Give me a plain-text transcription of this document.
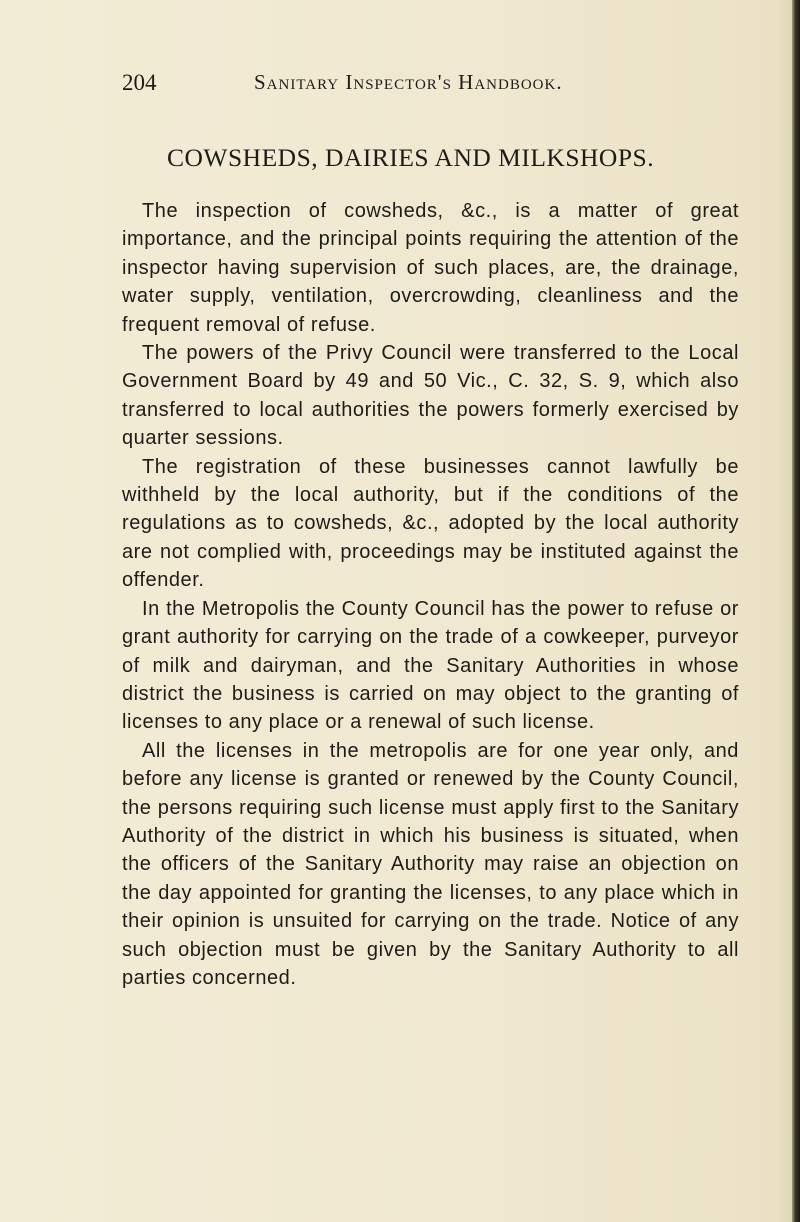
204	Sanitary Inspector's Handbook.
COWSHEDS, DAIRIES AND MILKSHOPS.

The inspection of cowsheds, &c., is a matter of great importance, and the principal points requiring the attention of the inspector having supervision of such places, are, the drainage, water supply, ventilation, overcrowding, cleanliness and the frequent removal of refuse.

The powers of the Privy Council were transferred to the Local Government Board by 49 and 50 Vic., C. 32, S. 9, which also transferred to local authorities the powers formerly exercised by quarter sessions.

The registration of these businesses cannot lawfully be withheld by the local authority, but if the conditions of the regulations as to cowsheds, &c., adopted by the local authority are not complied with, proceedings may be instituted against the offender.

In the Metropolis the County Council has the power to refuse or grant authority for carrying on the trade of a cowkeeper, purveyor of milk and dairyman, and the Sanitary Authorities in whose district the business is carried on may object to the granting of licenses to any place or a renewal of such license.

All the licenses in the metropolis are for one year only, and before any license is granted or renewed by the County Council, the persons requiring such license must apply first to the Sanitary Authority of the district in which his business is situated, when the officers of the Sanitary Authority may raise an objection on the day appointed for granting the licenses, to any place which in their opinion is unsuited for carrying on the trade. Notice of any such objection must be given by the Sanitary Authority to all parties concerned.
